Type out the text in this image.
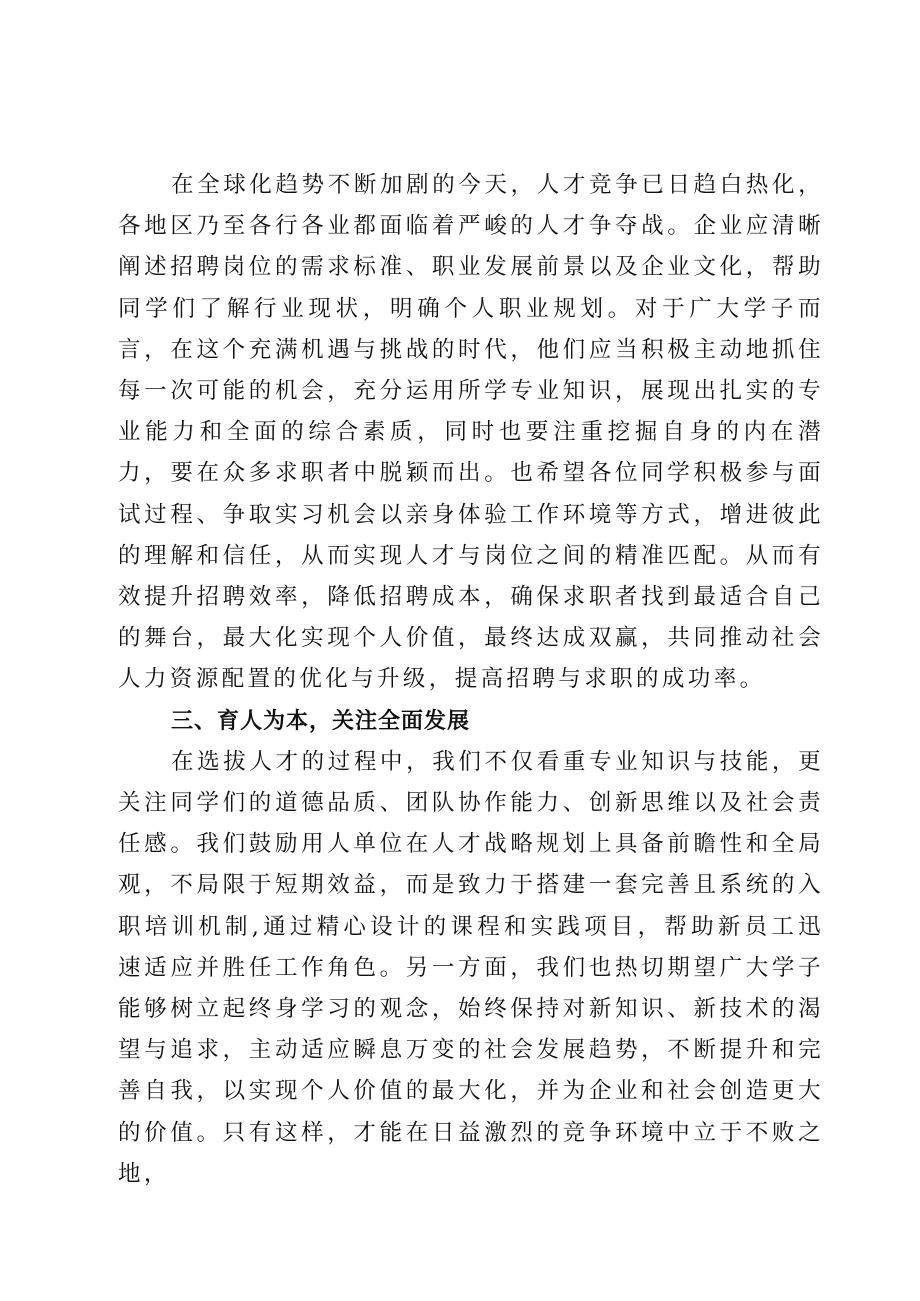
在全球化趋势不断加剧的今天，人才竞争已日趋白热化，各地区乃至各行各业都面临着严峻的人才争夺战。企业应清晰阐述招聘岗位的需求标准、职业发展前景以及企业文化，帮助同学们了解行业现状，明确个人职业规划。对于广大学子而言，在这个充满机遇与挑战的时代，他们应当积极主动地抓住每一次可能的机会，充分运用所学专业知识，展现出扎实的专业能力和全面的综合素质，同时也要注重挖掘自身的内在潜力，要在众多求职者中脱颖而出。也希望各位同学积极参与面试过程、争取实习机会以亲身体验工作环境等方式，增进彼此的理解和信任，从而实现人才与岗位之间的精准匹配。从而有效提升招聘效率，降低招聘成本，确保求职者找到最适合自己的舞台，最大化实现个人价值，最终达成双赢，共同推动社会人力资源配置的优化与升级，提高招聘与求职的成功率。

三、育人为本，关注全面发展

在选拔人才的过程中，我们不仅看重专业知识与技能，更关注同学们的道德品质、团队协作能力、创新思维以及社会责任感。我们鼓励用人单位在人才战略规划上具备前瞻性和全局观，不局限于短期效益，而是致力于搭建一套完善且系统的入职培训机制,通过精心设计的课程和实践项目，帮助新员工迅速适应并胜任工作角色。另一方面，我们也热切期望广大学子能够树立起终身学习的观念，始终保持对新知识、新技术的渴望与追求，主动适应瞬息万变的社会发展趋势，不断提升和完善自我，以实现个人价值的最大化，并为企业和社会创造更大的价值。只有这样，才能在日益激烈的竞争环境中立于不败之地，
